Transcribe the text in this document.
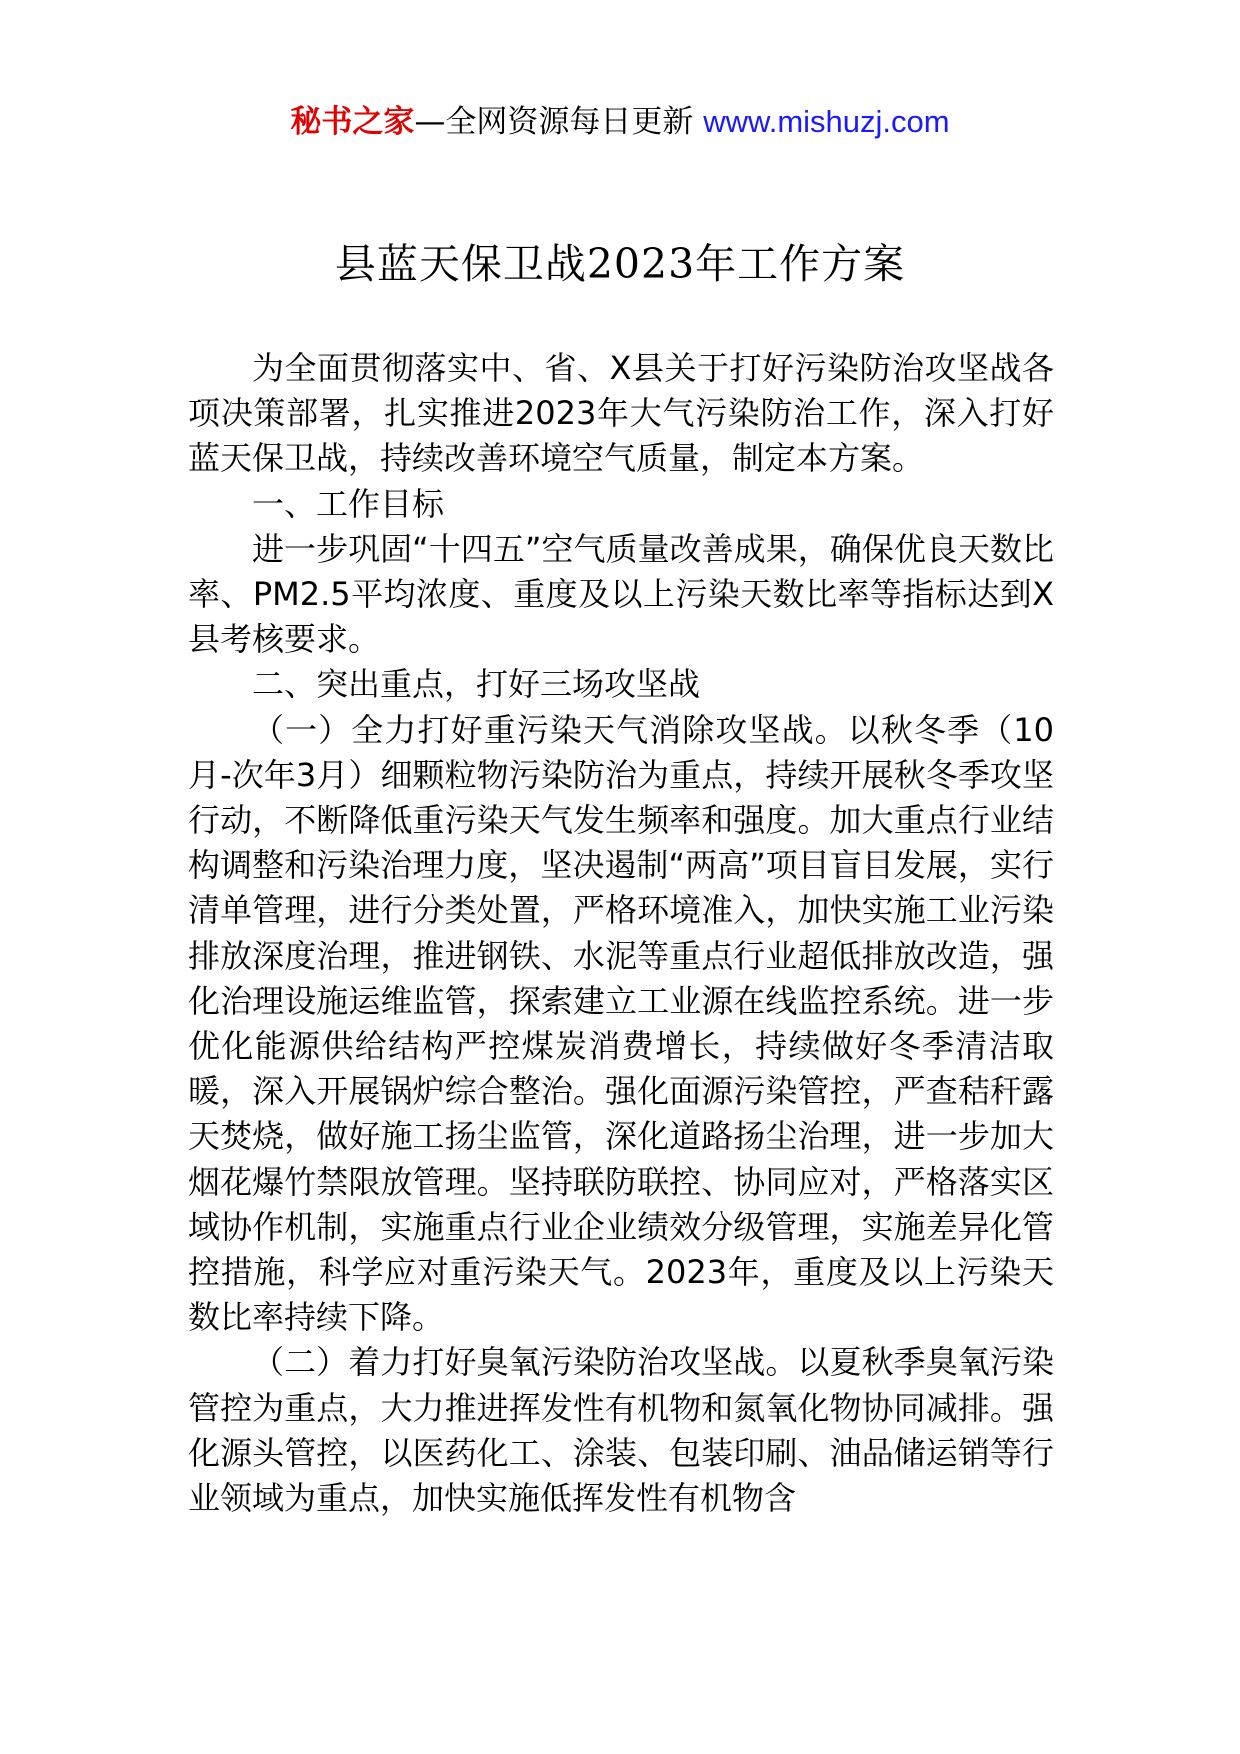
秘书之家—全网资源每日更新 www.mishuzj.com
县蓝天保卫战2023年工作方案

为全面贯彻落实中、省、X县关于打好污染防治攻坚战各项决策部署，扎实推进2023年大气污染防治工作，深入打好蓝天保卫战，持续改善环境空气质量，制定本方案。

一、工作目标

进一步巩固“十四五”空气质量改善成果，确保优良天数比率、PM2.5平均浓度、重度及以上污染天数比率等指标达到X县考核要求。

二、突出重点，打好三场攻坚战

（一）全力打好重污染天气消除攻坚战。以秋冬季（10月‐次年3月）细颗粒物污染防治为重点，持续开展秋冬季攻坚行动，不断降低重污染天气发生频率和强度。加大重点行业结构调整和污染治理力度，坚决遏制“两高”项目盲目发展，实行清单管理，进行分类处置，严格环境准入，加快实施工业污染排放深度治理，推进钢铁、水泥等重点行业超低排放改造，强化治理设施运维监管，探索建立工业源在线监控系统。进一步优化能源供给结构严控煤炭消费增长，持续做好冬季清洁取暖，深入开展锅炉综合整治。强化面源污染管控，严查秸秆露天焚烧，做好施工扬尘监管，深化道路扬尘治理，进一步加大烟花爆竹禁限放管理。坚持联防联控、协同应对，严格落实区域协作机制，实施重点行业企业绩效分级管理，实施差异化管控措施，科学应对重污染天气。2023年，重度及以上污染天数比率持续下降。

（二）着力打好臭氧污染防治攻坚战。以夏秋季臭氧污染管控为重点，大力推进挥发性有机物和氮氧化物协同减排。强化源头管控，以医药化工、涂装、包装印刷、油品储运销等行业领域为重点，加快实施低挥发性有机物含
